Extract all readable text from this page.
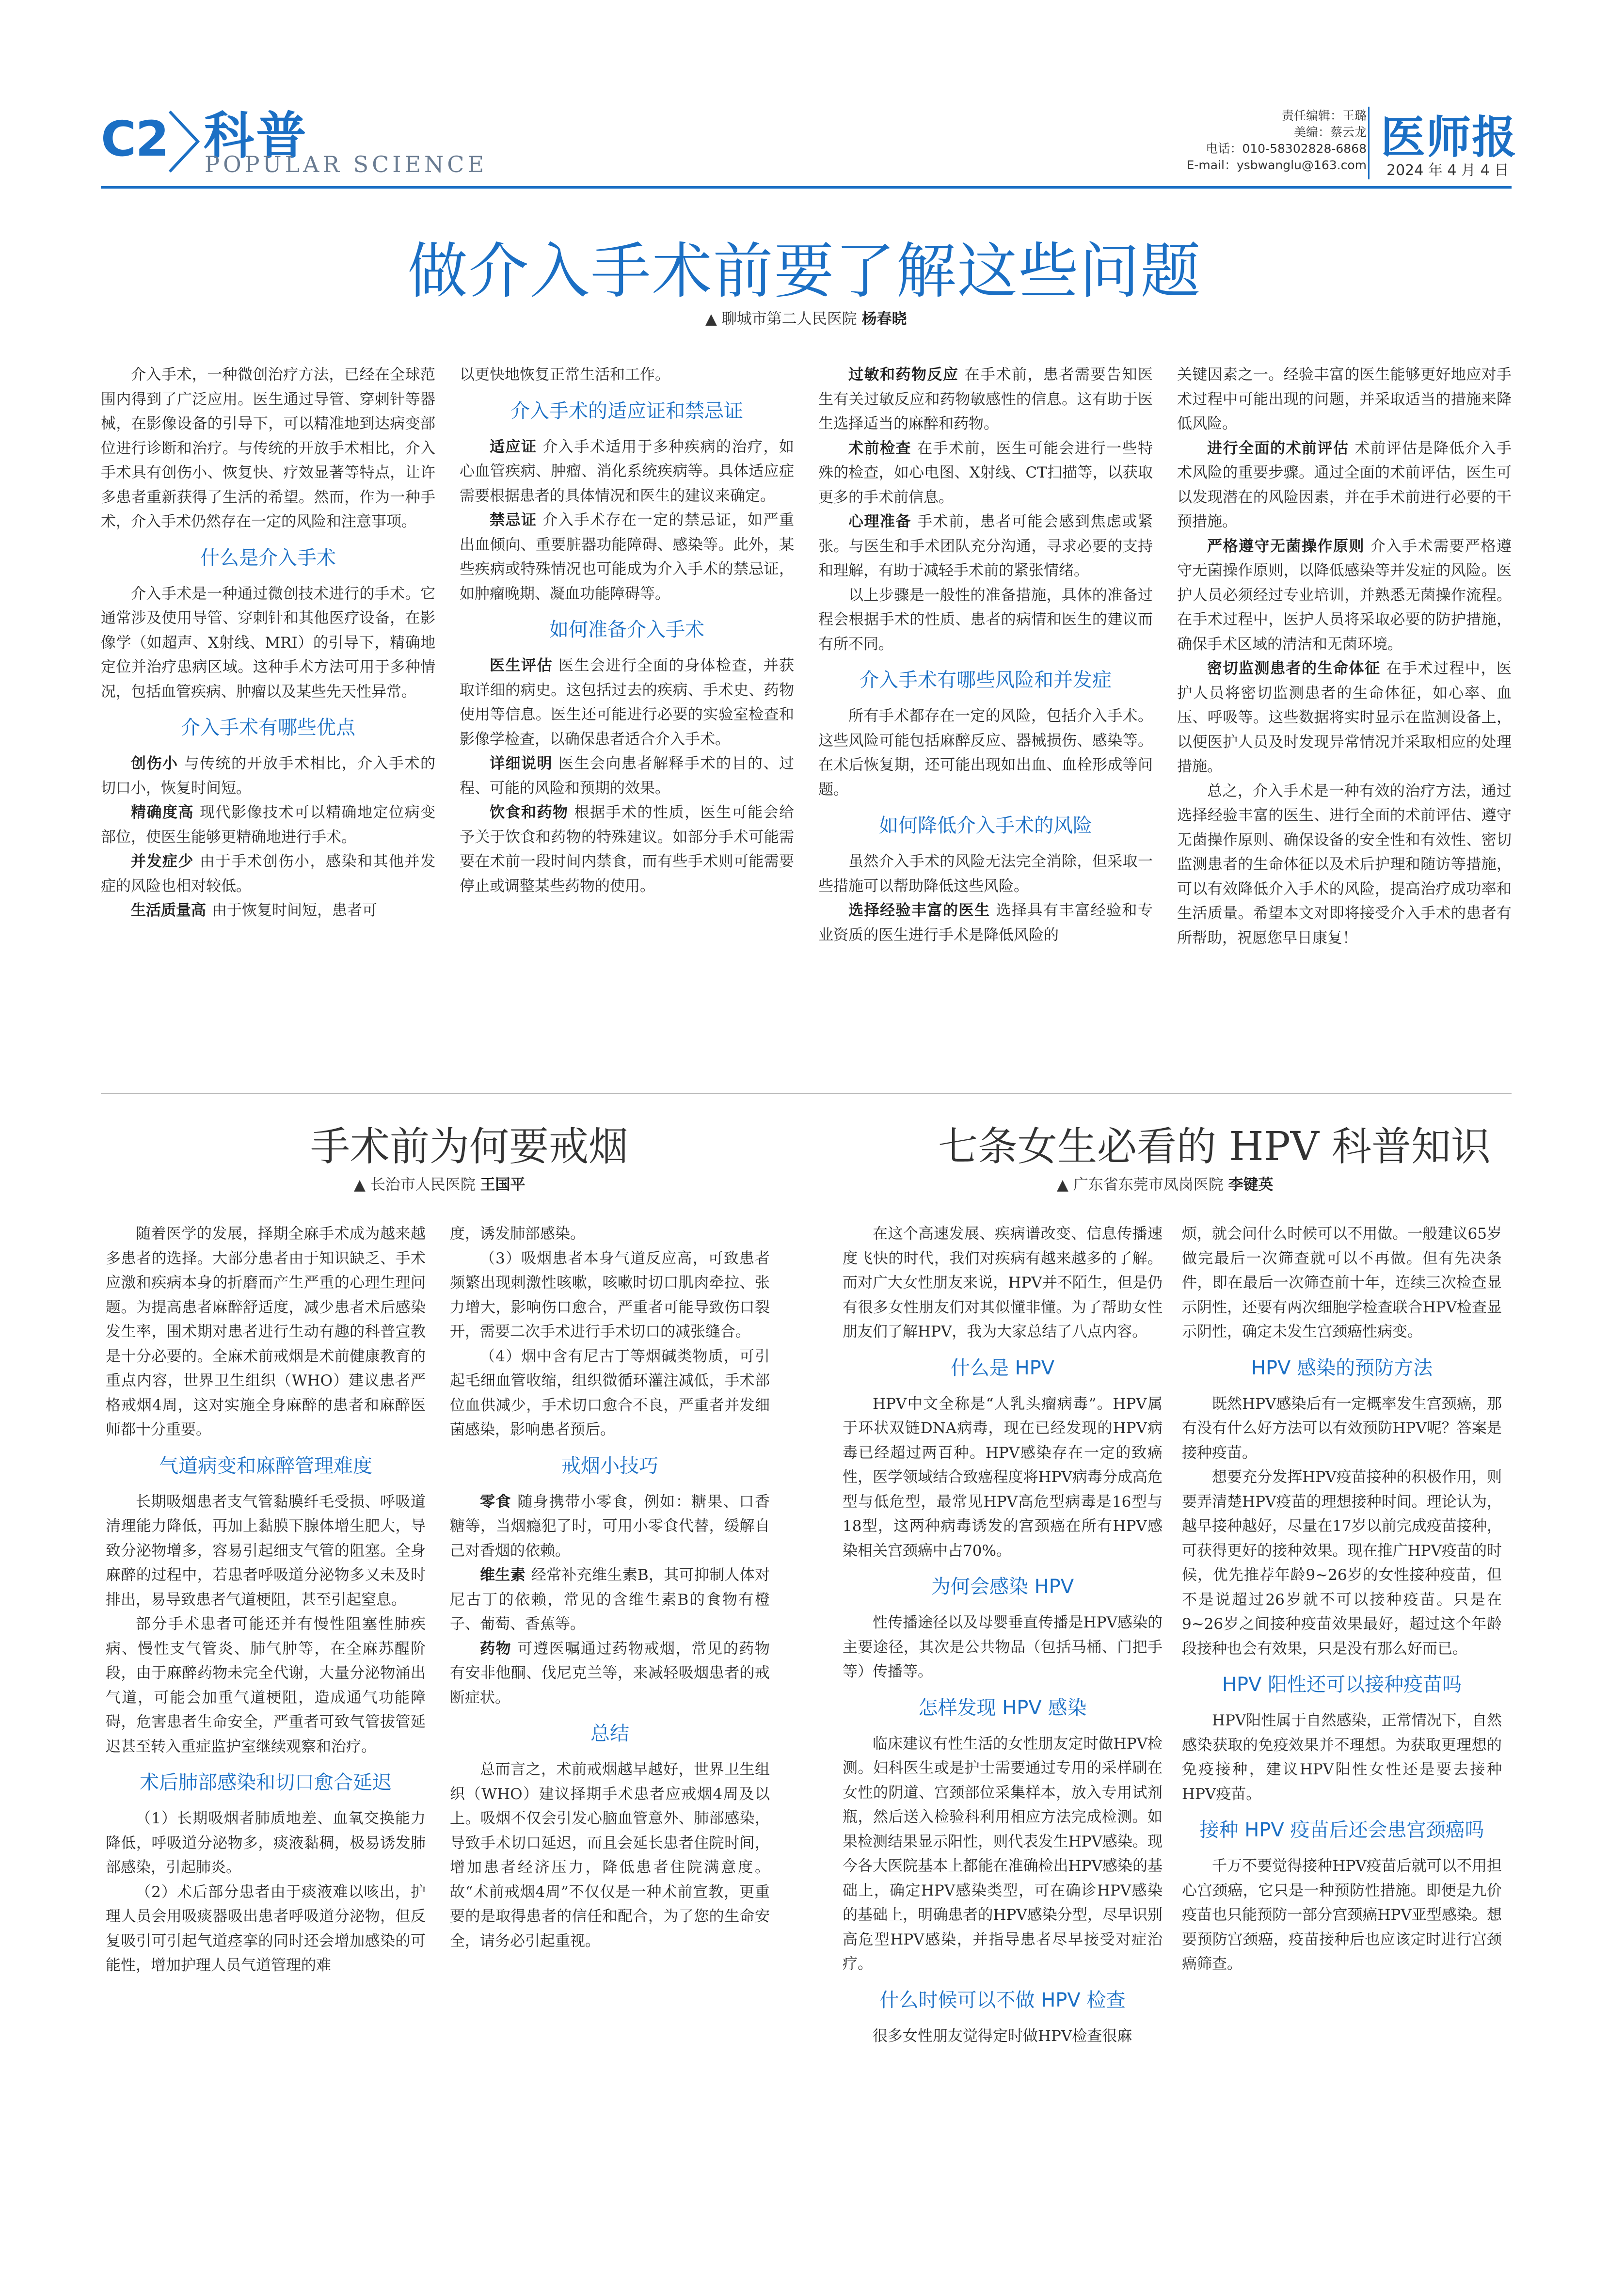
C2 科普
POPULAR SCIENCE
责任编辑：王璐
美编：蔡云龙
电话：010-58302828-6868
E-mail：ysbwanglu@163.com
医师报
2024 年 4 月 4 日
做介入手术前要了解这些问题
▲ 聊城市第二人民医院 杨春晓

介入手术，一种微创治疗方法，已经在全球范围内得到了广泛应用。医生通过导管、穿刺针等器械，在影像设备的引导下，可以精准地到达病变部位进行诊断和治疗。与传统的开放手术相比，介入手术具有创伤小、恢复快、疗效显著等特点，让许多患者重新获得了生活的希望。然而，作为一种手术，介入手术仍然存在一定的风险和注意事项。

什么是介入手术

介入手术是一种通过微创技术进行的手术。它通常涉及使用导管、穿刺针和其他医疗设备，在影像学（如超声、X射线、MRI）的引导下，精确地定位并治疗患病区域。这种手术方法可用于多种情况，包括血管疾病、肿瘤以及某些先天性异常。

介入手术有哪些优点

创伤小 与传统的开放手术相比，介入手术的切口小，恢复时间短。

精确度高 现代影像技术可以精确地定位病变部位，使医生能够更精确地进行手术。

并发症少 由于手术创伤小，感染和其他并发症的风险也相对较低。

生活质量高 由于恢复时间短，患者可

以更快地恢复正常生活和工作。

介入手术的适应证和禁忌证

适应证 介入手术适用于多种疾病的治疗，如心血管疾病、肿瘤、消化系统疾病等。具体适应症需要根据患者的具体情况和医生的建议来确定。

禁忌证 介入手术存在一定的禁忌证，如严重出血倾向、重要脏器功能障碍、感染等。此外，某些疾病或特殊情况也可能成为介入手术的禁忌证，如肿瘤晚期、凝血功能障碍等。

如何准备介入手术

医生评估 医生会进行全面的身体检查，并获取详细的病史。这包括过去的疾病、手术史、药物使用等信息。医生还可能进行必要的实验室检查和影像学检查，以确保患者适合介入手术。

详细说明 医生会向患者解释手术的目的、过程、可能的风险和预期的效果。

饮食和药物 根据手术的性质，医生可能会给予关于饮食和药物的特殊建议。如部分手术可能需要在术前一段时间内禁食，而有些手术则可能需要停止或调整某些药物的使用。

过敏和药物反应 在手术前，患者需要告知医生有关过敏反应和药物敏感性的信息。这有助于医生选择适当的麻醉和药物。

术前检查 在手术前，医生可能会进行一些特殊的检查，如心电图、X射线、CT扫描等，以获取更多的手术前信息。

心理准备 手术前，患者可能会感到焦虑或紧张。与医生和手术团队充分沟通，寻求必要的支持和理解，有助于减轻手术前的紧张情绪。

以上步骤是一般性的准备措施，具体的准备过程会根据手术的性质、患者的病情和医生的建议而有所不同。

介入手术有哪些风险和并发症

所有手术都存在一定的风险，包括介入手术。这些风险可能包括麻醉反应、器械损伤、感染等。在术后恢复期，还可能出现如出血、血栓形成等问题。

如何降低介入手术的风险

虽然介入手术的风险无法完全消除，但采取一些措施可以帮助降低这些风险。

选择经验丰富的医生 选择具有丰富经验和专业资质的医生进行手术是降低风险的

关键因素之一。经验丰富的医生能够更好地应对手术过程中可能出现的问题，并采取适当的措施来降低风险。

进行全面的术前评估 术前评估是降低介入手术风险的重要步骤。通过全面的术前评估，医生可以发现潜在的风险因素，并在手术前进行必要的干预措施。

严格遵守无菌操作原则 介入手术需要严格遵守无菌操作原则，以降低感染等并发症的风险。医护人员必须经过专业培训，并熟悉无菌操作流程。在手术过程中，医护人员将采取必要的防护措施，确保手术区域的清洁和无菌环境。

密切监测患者的生命体征 在手术过程中，医护人员将密切监测患者的生命体征，如心率、血压、呼吸等。这些数据将实时显示在监测设备上，以便医护人员及时发现异常情况并采取相应的处理措施。

总之，介入手术是一种有效的治疗方法，通过选择经验丰富的医生、进行全面的术前评估、遵守无菌操作原则、确保设备的安全性和有效性、密切监测患者的生命体征以及术后护理和随访等措施，可以有效降低介入手术的风险，提高治疗成功率和生活质量。希望本文对即将接受介入手术的患者有所帮助，祝愿您早日康复！

手术前为何要戒烟
▲ 长治市人民医院 王国平

随着医学的发展，择期全麻手术成为越来越多患者的选择。大部分患者由于知识缺乏、手术应激和疾病本身的折磨而产生严重的心理生理问题。为提高患者麻醉舒适度，减少患者术后感染发生率，围术期对患者进行生动有趣的科普宣教是十分必要的。全麻术前戒烟是术前健康教育的重点内容，世界卫生组织（WHO）建议患者严格戒烟4周，这对实施全身麻醉的患者和麻醉医师都十分重要。

气道病变和麻醉管理难度

长期吸烟患者支气管黏膜纤毛受损、呼吸道清理能力降低，再加上黏膜下腺体增生肥大，导致分泌物增多，容易引起细支气管的阻塞。全身麻醉的过程中，若患者呼吸道分泌物多又未及时排出，易导致患者气道梗阻，甚至引起窒息。

部分手术患者可能还并有慢性阻塞性肺疾病、慢性支气管炎、肺气肿等，在全麻苏醒阶段，由于麻醉药物未完全代谢，大量分泌物涌出气道，可能会加重气道梗阻，造成通气功能障碍，危害患者生命安全，严重者可致气管拔管延迟甚至转入重症监护室继续观察和治疗。

术后肺部感染和切口愈合延迟

（1）长期吸烟者肺质地差、血氧交换能力降低，呼吸道分泌物多，痰液黏稠，极易诱发肺部感染，引起肺炎。

（2）术后部分患者由于痰液难以咳出，护理人员会用吸痰器吸出患者呼吸道分泌物，但反复吸引可引起气道痉挛的同时还会增加感染的可能性，增加护理人员气道管理的难

度，诱发肺部感染。

（3）吸烟患者本身气道反应高，可致患者频繁出现刺激性咳嗽，咳嗽时切口肌肉牵拉、张力增大，影响伤口愈合，严重者可能导致伤口裂开，需要二次手术进行手术切口的减张缝合。

（4）烟中含有尼古丁等烟碱类物质，可引起毛细血管收缩，组织微循环灌注减低，手术部位血供减少，手术切口愈合不良，严重者并发细菌感染，影响患者预后。

戒烟小技巧

零食 随身携带小零食，例如：糖果、口香糖等，当烟瘾犯了时，可用小零食代替，缓解自己对香烟的依赖。

维生素 经常补充维生素B，其可抑制人体对尼古丁的依赖，常见的含维生素B的食物有橙子、葡萄、香蕉等。

药物 可遵医嘱通过药物戒烟，常见的药物有安非他酮、伐尼克兰等，来减轻吸烟患者的戒断症状。

总结

总而言之，术前戒烟越早越好，世界卫生组织（WHO）建议择期手术患者应戒烟4周及以上。吸烟不仅会引发心脑血管意外、肺部感染，导致手术切口延迟，而且会延长患者住院时间，增加患者经济压力，降低患者住院满意度。故“术前戒烟4周”不仅仅是一种术前宣教，更重要的是取得患者的信任和配合，为了您的生命安全，请务必引起重视。

七条女生必看的 HPV 科普知识
▲ 广东省东莞市凤岗医院 李键英

在这个高速发展、疾病谱改变、信息传播速度飞快的时代，我们对疾病有越来越多的了解。而对广大女性朋友来说，HPV并不陌生，但是仍有很多女性朋友们对其似懂非懂。为了帮助女性朋友们了解HPV，我为大家总结了八点内容。

什么是 HPV

HPV中文全称是“人乳头瘤病毒”。HPV属于环状双链DNA病毒，现在已经发现的HPV病毒已经超过两百种。HPV感染存在一定的致癌性，医学领域结合致癌程度将HPV病毒分成高危型与低危型，最常见HPV高危型病毒是16型与18型，这两种病毒诱发的宫颈癌在所有HPV感染相关宫颈癌中占70%。

为何会感染 HPV

性传播途径以及母婴垂直传播是HPV感染的主要途径，其次是公共物品（包括马桶、门把手等）传播等。

怎样发现 HPV 感染

临床建议有性生活的女性朋友定时做HPV检测。妇科医生或是护士需要通过专用的采样刷在女性的阴道、宫颈部位采集样本，放入专用试剂瓶，然后送入检验科利用相应方法完成检测。如果检测结果显示阳性，则代表发生HPV感染。现今各大医院基本上都能在准确检出HPV感染的基础上，确定HPV感染类型，可在确诊HPV感染的基础上，明确患者的HPV感染分型，尽早识别高危型HPV感染，并指导患者尽早接受对症治疗。

什么时候可以不做 HPV 检查

很多女性朋友觉得定时做HPV检查很麻

烦，就会问什么时候可以不用做。一般建议65岁做完最后一次筛查就可以不再做。但有先决条件，即在最后一次筛查前十年，连续三次检查显示阴性，还要有两次细胞学检查联合HPV检查显示阴性，确定未发生宫颈癌性病变。

HPV 感染的预防方法

既然HPV感染后有一定概率发生宫颈癌，那有没有什么好方法可以有效预防HPV呢？答案是接种疫苗。

想要充分发挥HPV疫苗接种的积极作用，则要弄清楚HPV疫苗的理想接种时间。理论认为，越早接种越好，尽量在17岁以前完成疫苗接种，可获得更好的接种效果。现在推广HPV疫苗的时候，优先推荐年龄9~26岁的女性接种疫苗，但不是说超过26岁就不可以接种疫苗。只是在9~26岁之间接种疫苗效果最好，超过这个年龄段接种也会有效果，只是没有那么好而已。

HPV 阳性还可以接种疫苗吗

HPV阳性属于自然感染，正常情况下，自然感染获取的免疫效果并不理想。为获取更理想的免疫接种，建议HPV阳性女性还是要去接种HPV疫苗。

接种 HPV 疫苗后还会患宫颈癌吗

千万不要觉得接种HPV疫苗后就可以不用担心宫颈癌，它只是一种预防性措施。即便是九价疫苗也只能预防一部分宫颈癌HPV亚型感染。想要预防宫颈癌，疫苗接种后也应该定时进行宫颈癌筛查。
